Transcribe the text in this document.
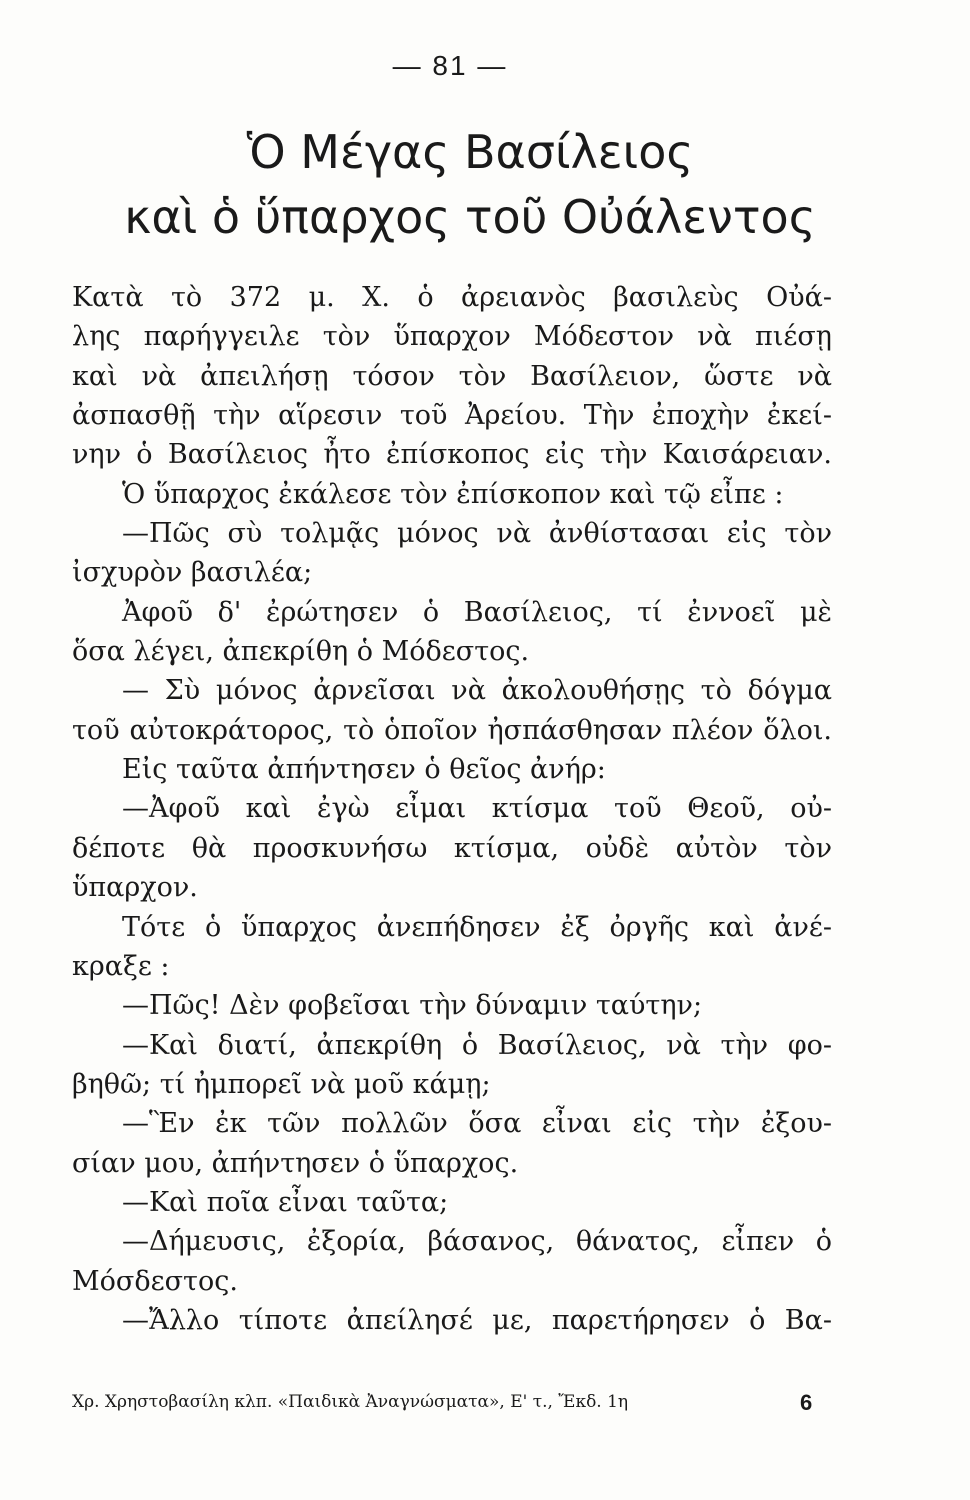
— 81 —
Ὁ Μέγας Βασίλειος
καὶ ὁ ὕπαρχος τοῦ Οὐάλεντος
Κατὰ τὸ 372 μ. Χ. ὁ ἀρειανὸς βασιλεὺς Οὐά-
λης παρήγγειλε τὸν ὕπαρχον Μόδεστον νὰ πιέσῃ
καὶ νὰ ἀπειλήσῃ τόσον τὸν Βασίλειον, ὥστε νὰ
ἀσπασθῇ τὴν αἵρεσιν τοῦ Ἀρείου. Τὴν ἐποχὴν ἐκεί-
νην ὁ Βασίλειος ἦτο ἐπίσκοπος εἰς τὴν Καισάρειαν.
Ὁ ὕπαρχος ἐκάλεσε τὸν ἐπίσκοπον καὶ τῷ εἶπε :
—Πῶς σὺ τολμᾷς μόνος νὰ ἀνθίστασαι εἰς τὸν
ἰσχυρὸν βασιλέα;
Ἀφοῦ δ' ἐρώτησεν ὁ Βασίλειος, τί ἐννοεῖ μὲ
ὅσα λέγει, ἀπεκρίθη ὁ Μόδεστος.
— Σὺ μόνος ἀρνεῖσαι νὰ ἀκολουθήσῃς τὸ δόγμα
τοῦ αὐτοκράτορος, τὸ ὁποῖον ἠσπάσθησαν πλέον ὅλοι.
Εἰς ταῦτα ἀπήντησεν ὁ θεῖος ἀνήρ:
—Ἀφοῦ καὶ ἐγὼ εἶμαι κτίσμα τοῦ Θεοῦ, οὐ-
δέποτε θὰ προσκυνήσω κτίσμα, οὐδὲ αὐτὸν τὸν
ὕπαρχον.
Τότε ὁ ὕπαρχος ἀνεπήδησεν ἐξ ὀργῆς καὶ ἀνέ-
κραξε :
—Πῶς! Δὲν φοβεῖσαι τὴν δύναμιν ταύτην;
—Καὶ διατί, ἀπεκρίθη ὁ Βασίλειος, νὰ τὴν φο-
βηθῶ; τί ἠμπορεῖ νὰ μοῦ κάμῃ;
—Ἓν ἐκ τῶν πολλῶν ὅσα εἶναι εἰς τὴν ἐξου-
σίαν μου, ἀπήντησεν ὁ ὕπαρχος.
—Καὶ ποῖα εἶναι ταῦτα;
—Δήμευσις, ἐξορία, βάσανος, θάνατος, εἶπεν ὁ
Μόσδεστος.
—Ἄλλο τίποτε ἀπείλησέ με, παρετήρησεν ὁ Βα-
Χρ. Χρηστοβασίλη κλπ. «Παιδικὰ Ἀναγνώσματα», Ε' τ., Ἔκδ. 1η	6
